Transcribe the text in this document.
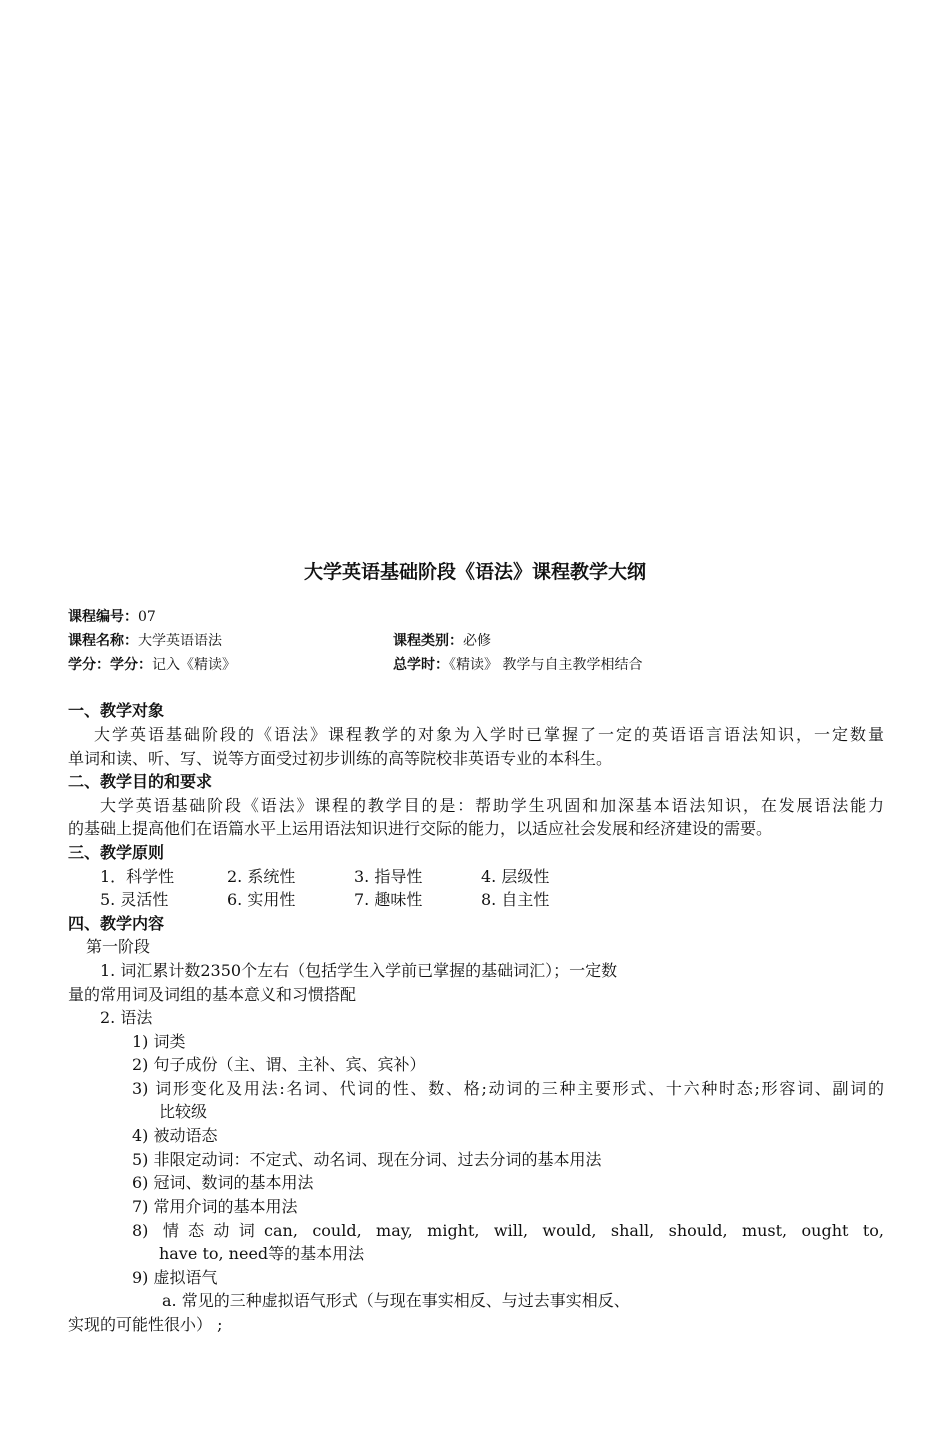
大学英语基础阶段《语法》课程教学大纲
课程编号：07
课程名称：大学英语语法	课程类别：必修
学分：学分：记入《精读》	总学时：《精读》 教学与自主教学相结合
一、教学对象
大学英语基础阶段的《语法》课程教学的对象为入学时已掌握了一定的英语语言语法知识，一定数量
单词和读、听、写、说等方面受过初步训练的高等院校非英语专业的本科生。
二、教学目的和要求
大学英语基础阶段《语法》课程的教学目的是：帮助学生巩固和加深基本语法知识，在发展语法能力
的基础上提高他们在语篇水平上运用语法知识进行交际的能力，以适应社会发展和经济建设的需要。
三、教学原则
1．科学性	2. 系统性	3. 指导性	4. 层级性
5. 灵活性	6. 实用性	7. 趣味性	8. 自主性
四、教学内容
第一阶段
1. 词汇累计数2350个左右（包括学生入学前已掌握的基础词汇）；一定数
量的常用词及词组的基本意义和习惯搭配
2. 语法
1) 词类
2) 句子成份（主、谓、主补、宾、宾补）
3) 词形变化及用法:名词、代词的性、数、格;动词的三种主要形式、十六种时态;形容词、副词的
比较级
4) 被动语态
5) 非限定动词：不定式、动名词、现在分词、过去分词的基本用法
6) 冠词、数词的基本用法
7) 常用介词的基本用法
8) 情态动词can, could, may, might, will, would, shall, should, must, ought to,
have to, need等的基本用法
9) 虚拟语气
a. 常见的三种虚拟语气形式（与现在事实相反、与过去事实相反、
实现的可能性很小） ;
